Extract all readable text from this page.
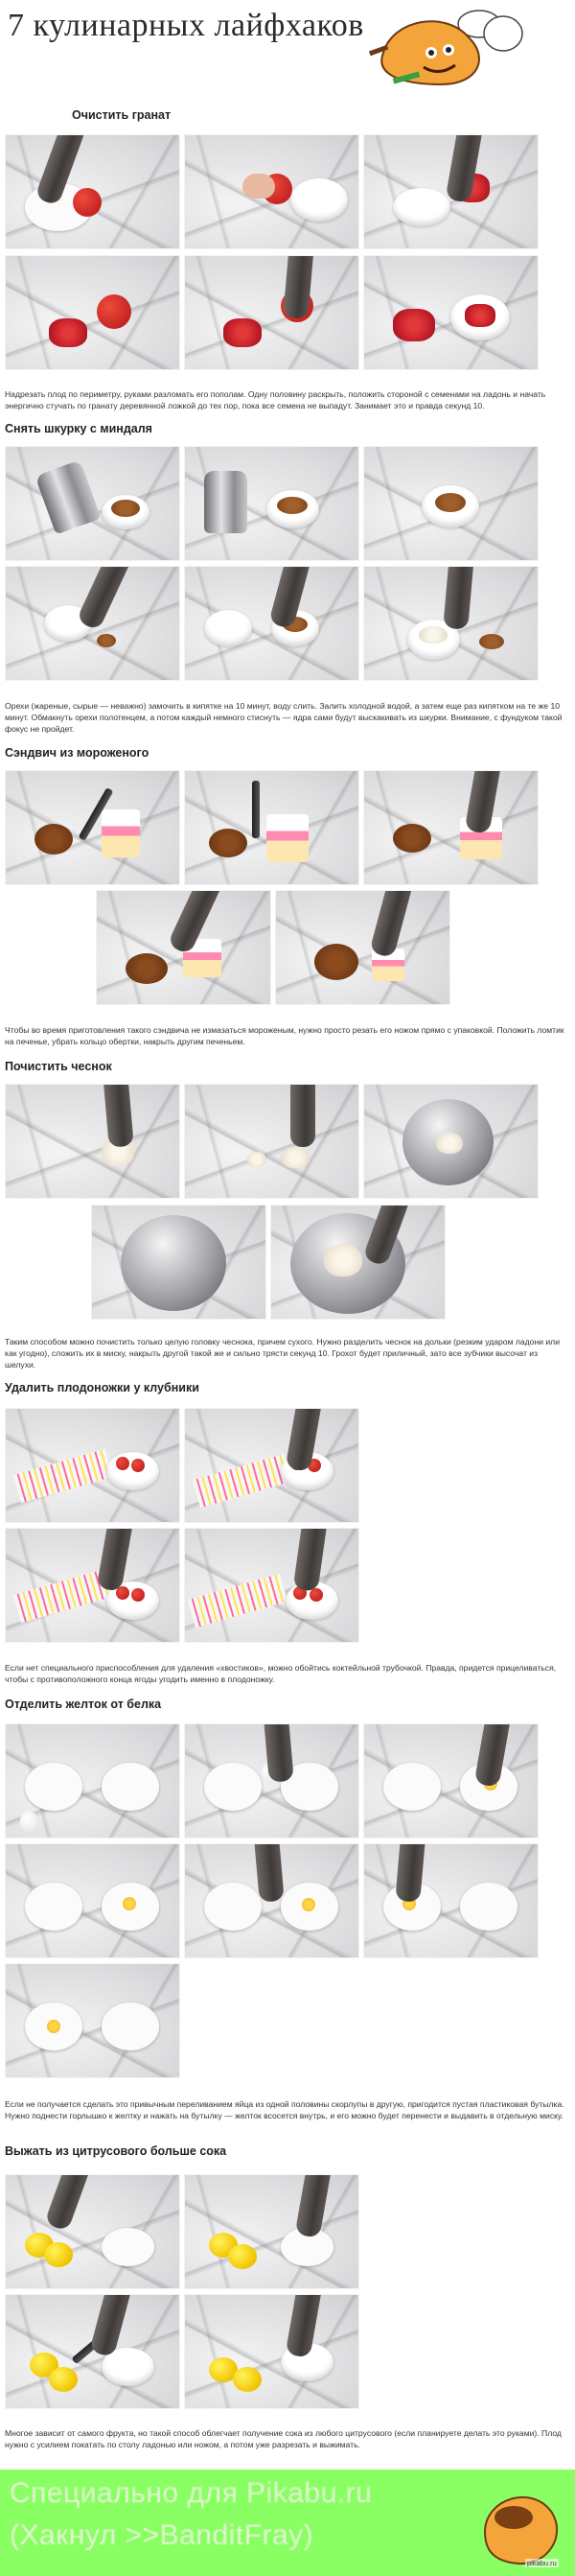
7 кулинарных лайфхаков
Очистить гранат
Надрезать плод по периметру, руками разломать его пополам. Одну половину раскрыть, положить стороной с семенами на ладонь и начать энергично стучать по гранату деревянной ложкой до тех пор, пока все семена не выпадут. Занимает это и правда секунд 10.
Снять шкурку с миндаля
Орехи (жареные, сырые — неважно) замочить в кипятке на 10 минут, воду слить. Залить холодной водой, а затем еще раз кипятком на те же 10 минут. Обмакнуть орехи полотенцем, а потом каждый немного стиснуть — ядра сами будут выскакивать из шкурки. Внимание, с фундуком такой фокус не пройдет.
Сэндвич из мороженого
Чтобы во время приготовления такого сэндвича не измазаться мороженым, нужно просто резать его ножом прямо с упаковкой. Положить ломтик на печенье, убрать кольцо обертки, накрыть другим печеньем.
Почистить чеснок
Таким способом можно почистить только целую головку чеснока, причем сухого. Нужно разделить чеснок на дольки (резким ударом ладони или как угодно), сложить их в миску, накрыть другой такой же и сильно трясти секунд 10. Грохот будет приличный, зато все зубчики высочат из шелухи.
Удалить плодоножки у клубники
Если нет специального приспособления для удаления «хвостиков», можно обойтись коктейльной трубочкой. Правда, придется прицеливаться, чтобы с противоположного конца ягоды угодить именно в плодоножку.
Отделить желток от белка
Если не получается сделать это привычным переливанием яйца из одной половины скорлупы в другую, пригодится пустая пластиковая бутылка. Нужно поднести горлышко к желтку и нажать на бутылку — желток всосется внутрь, и его можно будет перенести и выдавить в отдельную миску.
Выжать из цитрусового больше сока
Многое зависит от самого фрукта, но такой способ облегчает получение сока из любого цитрусового (если планируете делать это руками). Плод нужно с усилием покатать по столу ладонью или ножом, а потом уже разрезать и выжимать.
Специально для Pikabu.ru
(Хакнул >>BanditFray)
pikabu.ru
